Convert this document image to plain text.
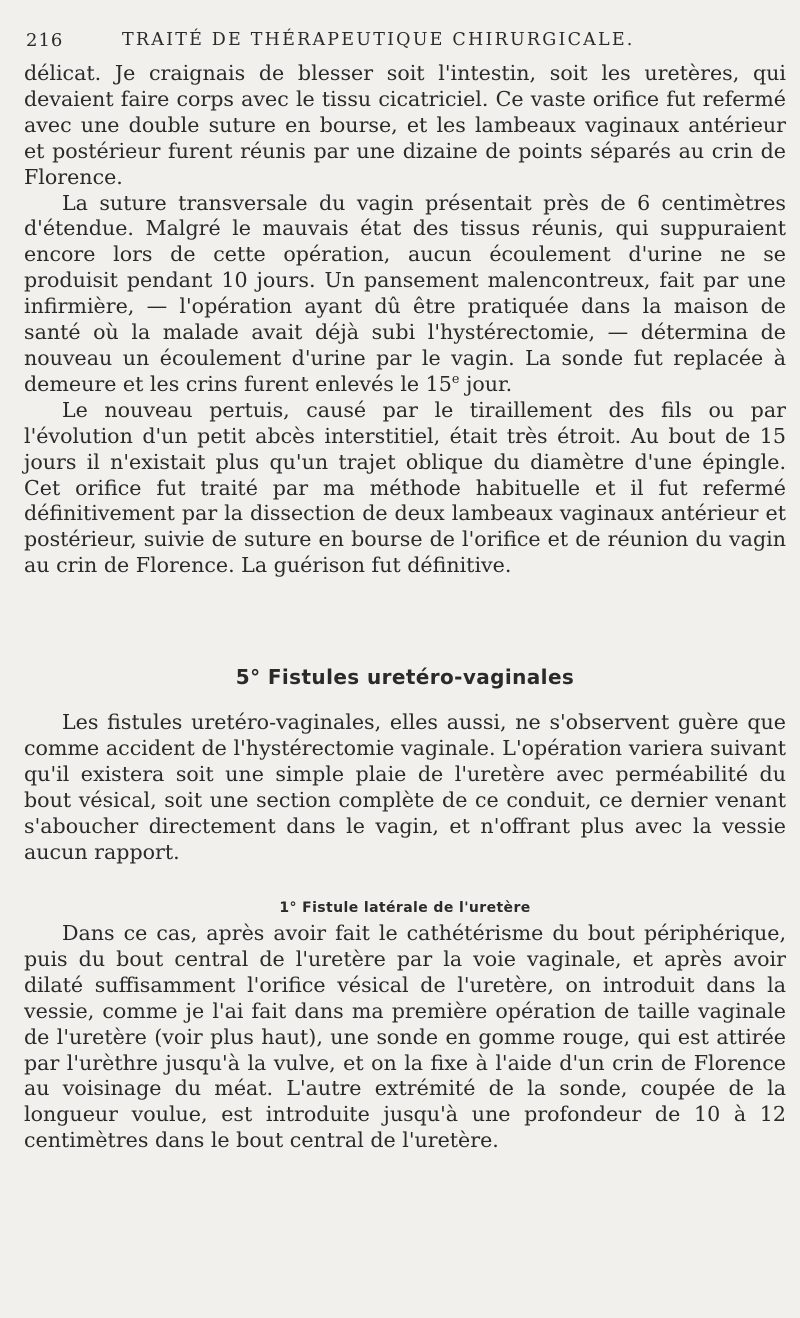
216	TRAITÉ DE THÉRAPEUTIQUE CHIRURGICALE.

délicat. Je craignais de blesser soit l'intestin, soit les uretères, qui devaient faire corps avec le tissu cicatriciel. Ce vaste orifice fut refermé avec une double suture en bourse, et les lambeaux vaginaux antérieur et postérieur furent réunis par une dizaine de points séparés au crin de Florence.

La suture transversale du vagin présentait près de 6 centimètres d'étendue. Malgré le mauvais état des tissus réunis, qui suppuraient encore lors de cette opération, aucun écoulement d'urine ne se produisit pendant 10 jours. Un pansement malencontreux, fait par une infirmière, — l'opération ayant dû être pratiquée dans la maison de santé où la malade avait déjà subi l'hystérectomie, — détermina de nouveau un écoulement d'urine par le vagin. La sonde fut replacée à demeure et les crins furent enlevés le 15e jour.

Le nouveau pertuis, causé par le tiraillement des fils ou par l'évolution d'un petit abcès interstitiel, était très étroit. Au bout de 15 jours il n'existait plus qu'un trajet oblique du diamètre d'une épingle. Cet orifice fut traité par ma méthode habituelle et il fut refermé définitivement par la dissection de deux lambeaux vaginaux antérieur et postérieur, suivie de suture en bourse de l'orifice et de réunion du vagin au crin de Florence. La guérison fut définitive.

5° Fistules uretéro-vaginales

Les fistules uretéro-vaginales, elles aussi, ne s'observent guère que comme accident de l'hystérectomie vaginale. L'opération variera suivant qu'il existera soit une simple plaie de l'uretère avec perméabilité du bout vésical, soit une section complète de ce conduit, ce dernier venant s'aboucher directement dans le vagin, et n'offrant plus avec la vessie aucun rapport.

1° Fistule latérale de l'uretère

Dans ce cas, après avoir fait le cathétérisme du bout périphérique, puis du bout central de l'uretère par la voie vaginale, et après avoir dilaté suffisamment l'orifice vésical de l'uretère, on introduit dans la vessie, comme je l'ai fait dans ma première opération de taille vaginale de l'uretère (voir plus haut), une sonde en gomme rouge, qui est attirée par l'urèthre jusqu'à la vulve, et on la fixe à l'aide d'un crin de Florence au voisinage du méat. L'autre extrémité de la sonde, coupée de la longueur voulue, est introduite jusqu'à une profondeur de 10 à 12 centimètres dans le bout central de l'uretère.
